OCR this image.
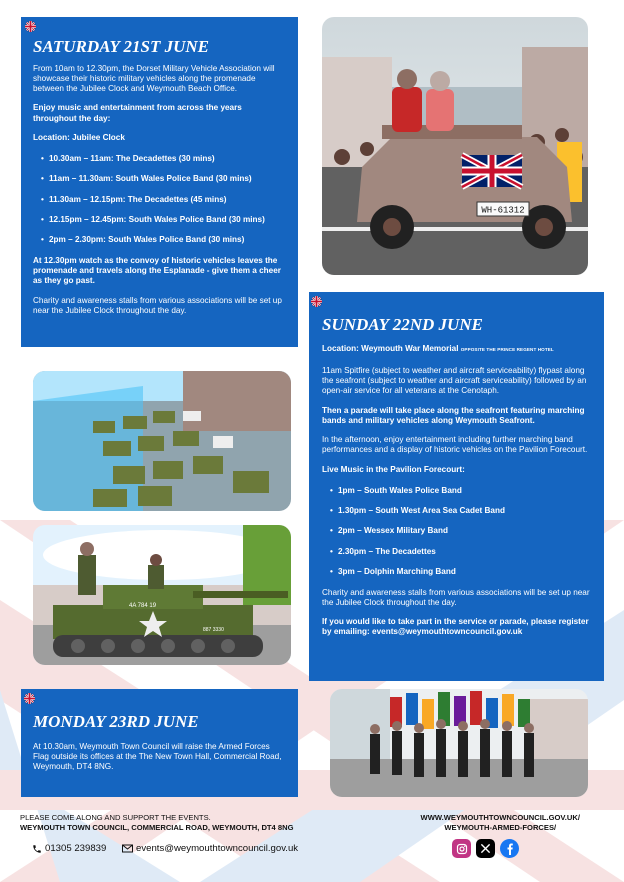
SATURDAY 21ST JUNE

From 10am to 12.30pm, the Dorset Military Vehicle Association will showcase their historic military vehicles along the promenade between the Jubilee Clock and Weymouth Beach Office.

Enjoy music and entertainment from across the years throughout the day:

Location: Jubilee Clock

• 10.30am – 11am: The Decadettes (30 mins)
• 11am – 11.30am: South Wales Police Band (30 mins)
• 11.30am – 12.15pm: The Decadettes (45 mins)
• 12.15pm – 12.45pm: South Wales Police Band (30 mins)
• 2pm – 2.30pm: South Wales Police Band (30 mins)

At 12.30pm watch as the convoy of historic vehicles leaves the promenade and travels along the Esplanade - give them a cheer as they go past.

Charity and awareness stalls from various associations will be set up near the Jubilee Clock throughout the day.

WH-61312
SUNDAY 22ND JUNE

Location: Weymouth War Memorial OPPOSITE THE PRINCE REGENT HOTEL

11am Spitfire (subject to weather and aircraft serviceability) flypast along the seafront (subject to weather and aircraft serviceability) followed by an open-air service for all veterans at the Cenotaph.

Then a parade will take place along the seafront featuring marching bands and military vehicles along Weymouth Seafront.

In the afternoon, enjoy entertainment including further marching band performances and a display of historic vehicles on the Pavilion Forecourt.

Live Music in the Pavilion Forecourt:

• 1pm – South Wales Police Band
• 1.30pm – South West Area Sea Cadet Band
• 2pm – Wessex Military Band
• 2.30pm – The Decadettes
• 3pm – Dolphin Marching Band

Charity and awareness stalls from various associations will be set up near the Jubilee Clock throughout the day.

If you would like to take part in the service or parade, please register by emailing: events@weymouthtowncouncil.gov.uk

4A 784 19
887 3330
MONDAY 23RD JUNE

At 10.30am, Weymouth Town Council will raise the Armed Forces Flag outside its offices at the The New Town Hall, Commercial Road, Weymouth, DT4 8NG.

PLEASE COME ALONG AND SUPPORT THE EVENTS.
WEYMOUTH TOWN COUNCIL, COMMERCIAL ROAD, WEYMOUTH, DT4 8NG
01305 239839	events@weymouthtowncouncil.gov.uk
WWW.WEYMOUTHTOWNCOUNCIL.GOV.UK/
WEYMOUTH-ARMED-FORCES/
